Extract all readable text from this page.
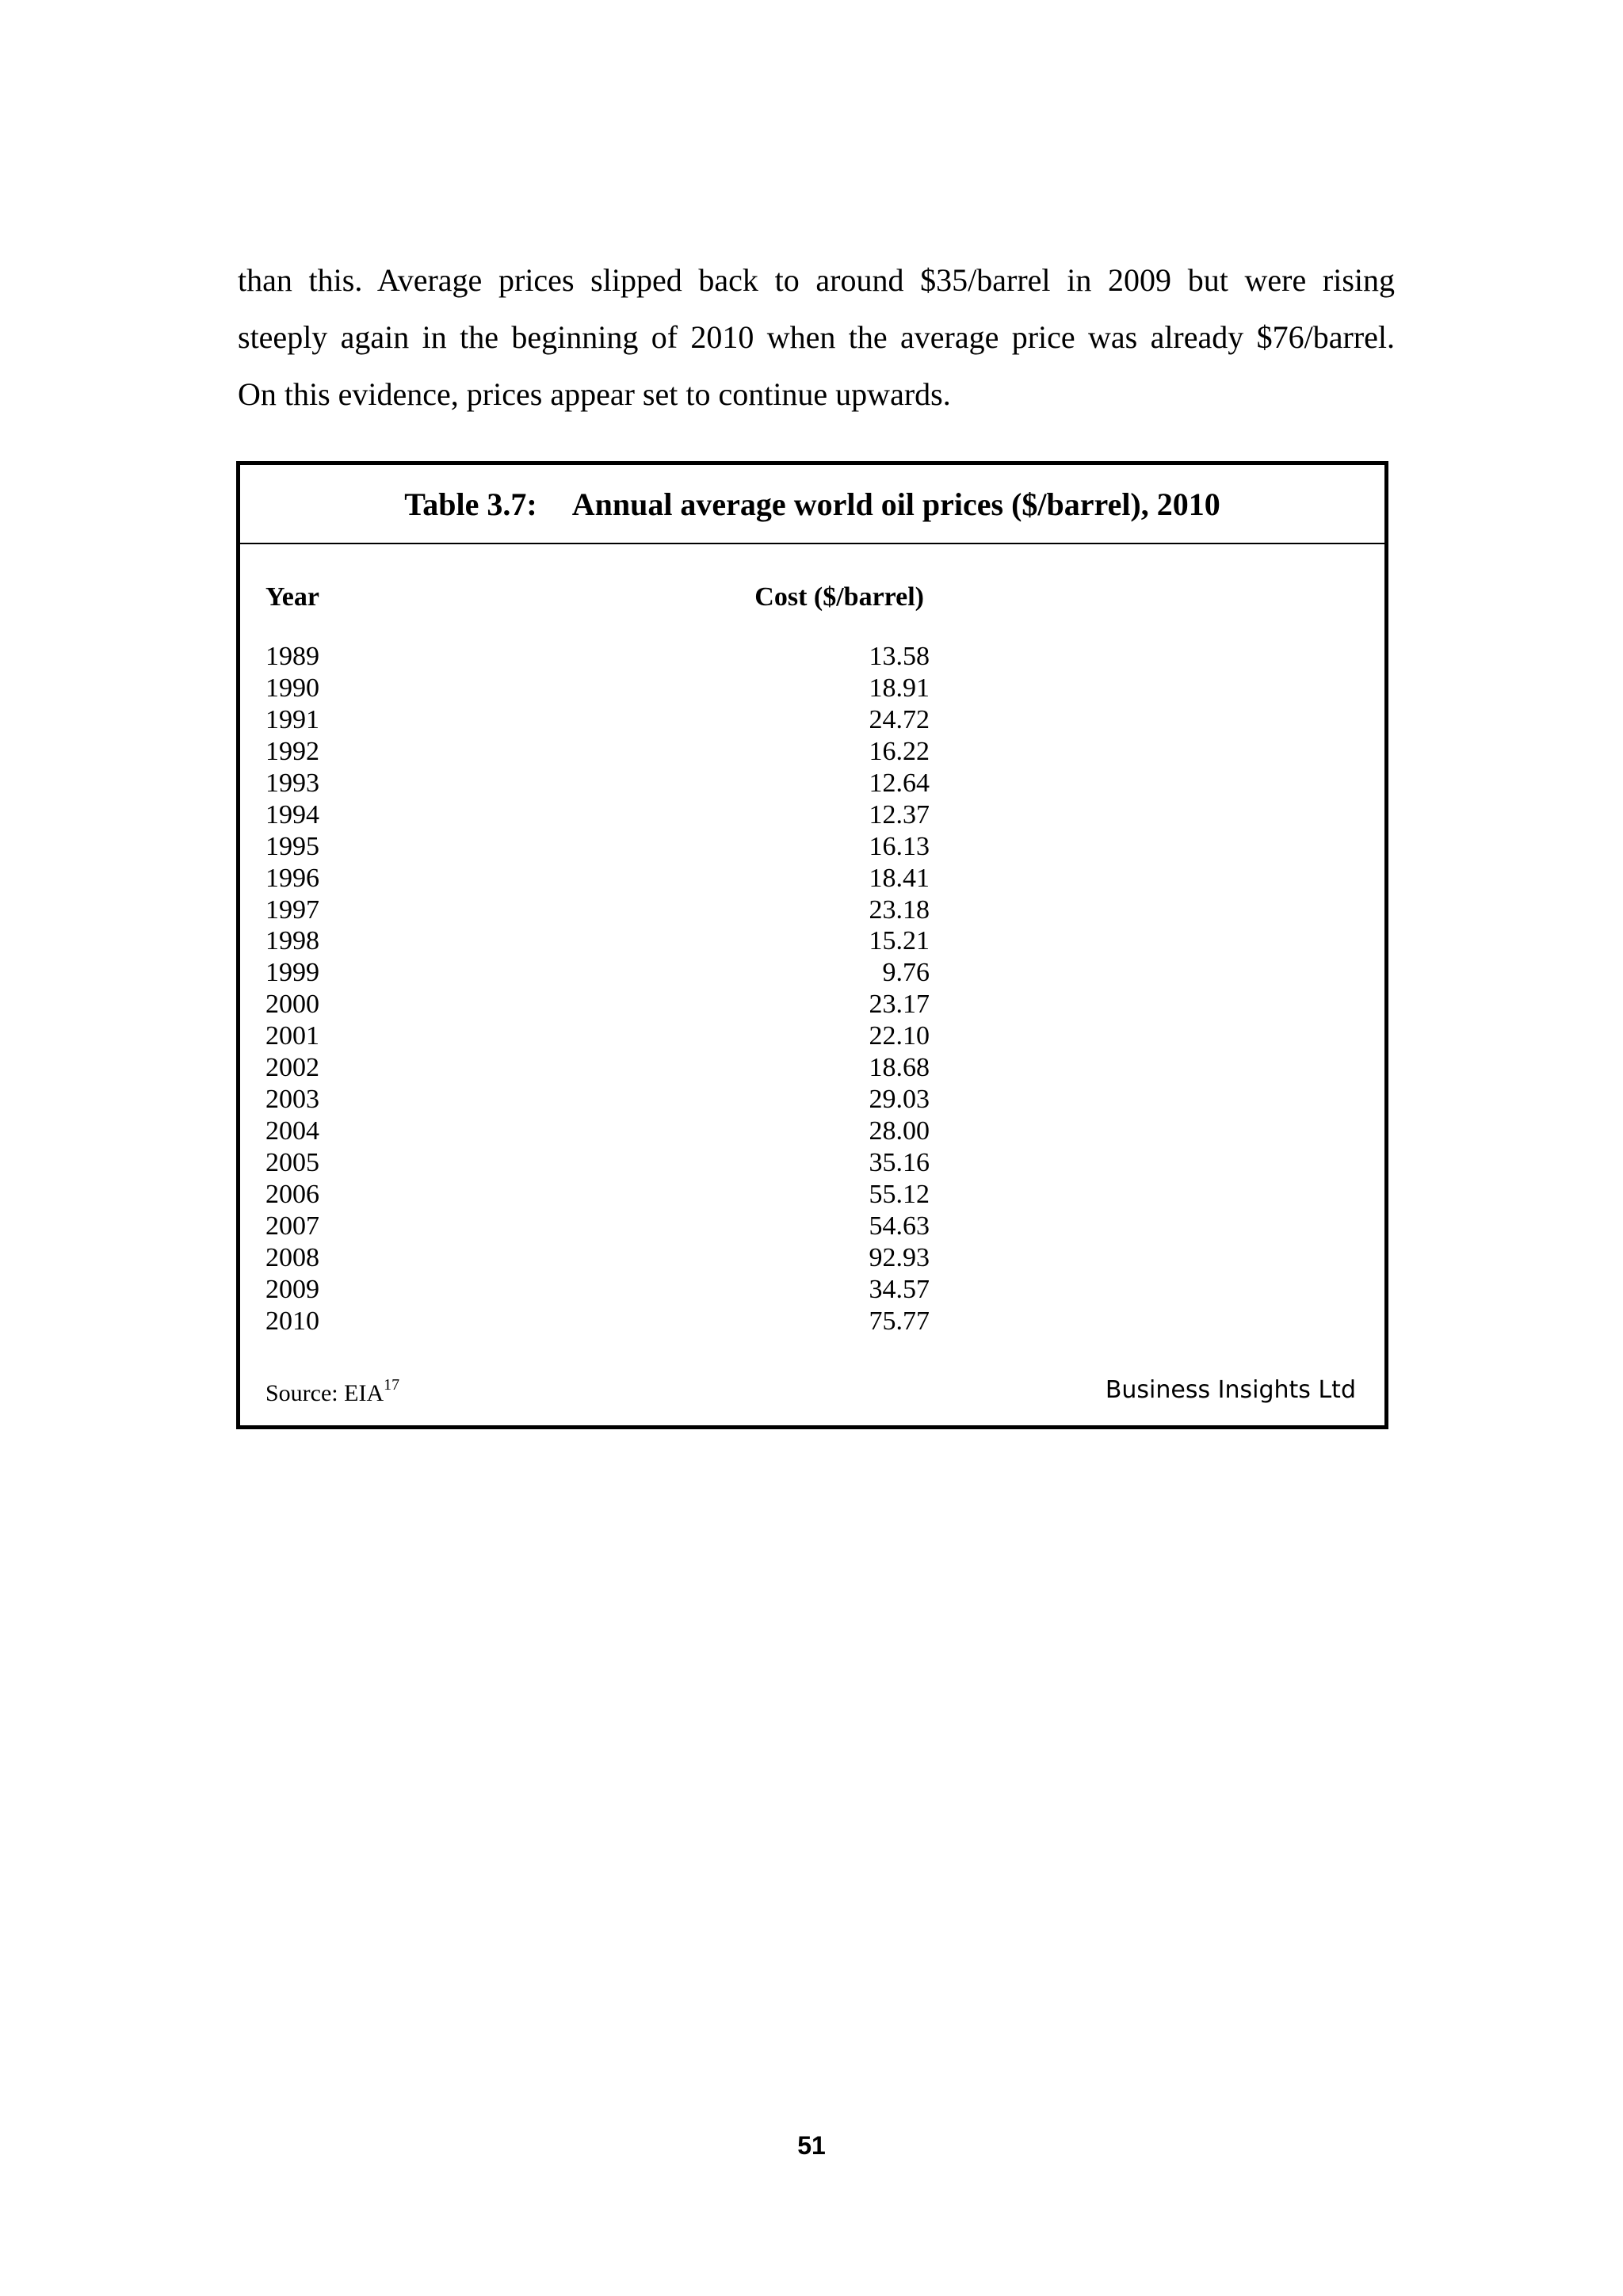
than this. Average prices slipped back to around $35/barrel in 2009 but were rising

steeply again in the beginning of 2010 when the average price was already $76/barrel.

On this evidence, prices appear set to continue upwards.

Table 3.7: Annual average world oil prices ($/barrel), 2010
Year	Cost ($/barrel)
1989	13.58
1990	18.91
1991	24.72
1992	16.22
1993	12.64
1994	12.37
1995	16.13
1996	18.41
1997	23.18
1998	15.21
1999	9.76
2000	23.17
2001	22.10
2002	18.68
2003	29.03
2004	28.00
2005	35.16
2006	55.12
2007	54.63
2008	92.93
2009	34.57
2010	75.77
Source: EIA$^{17}$	Business Insights Ltd
51
